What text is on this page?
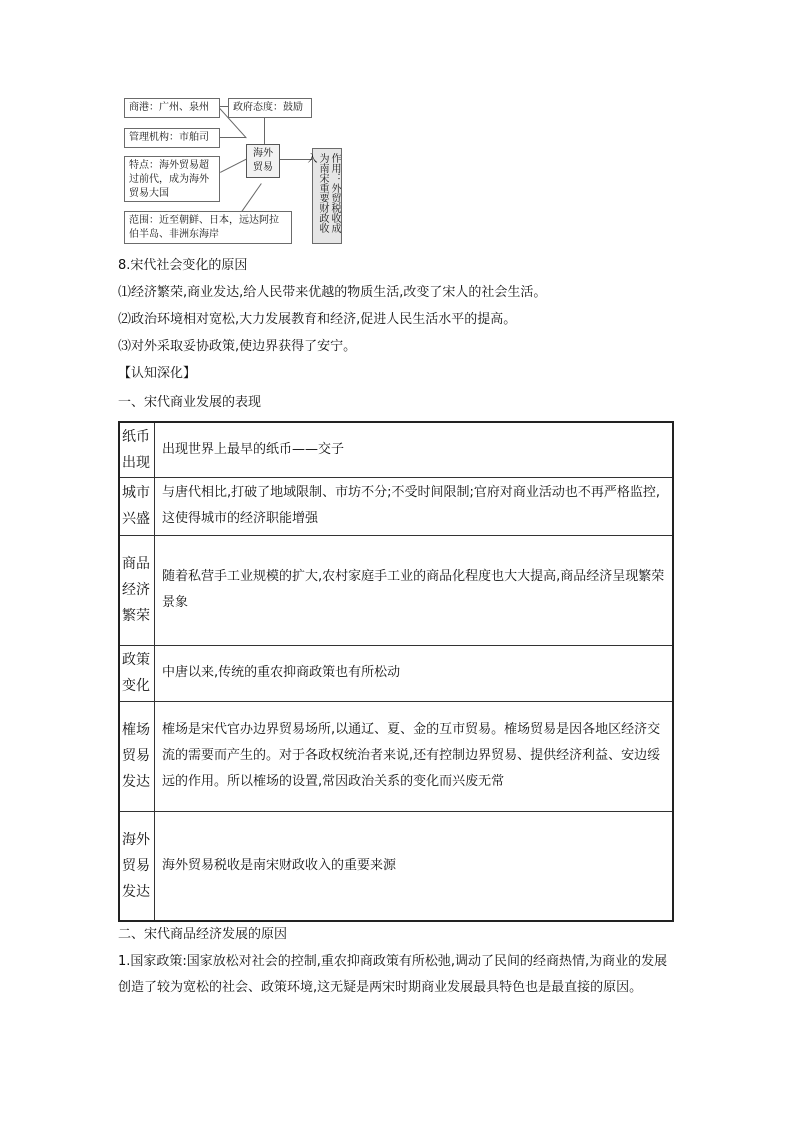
商港：广州、泉州	政府态度：鼓励
管理机构：市舶司
特点：海外贸易超过前代，成为海外贸易大国
海外贸易
范围：近至朝鲜、日本，远达阿拉伯半岛、非洲东海岸
作用：外贸税收成为南宋重要财政收入
8.宋代社会变化的原因
⑴经济繁荣,商业发达,给人民带来优越的物质生活,改变了宋人的社会生活。
⑵政治环境相对宽松,大力发展教育和经济,促进人民生活水平的提高。
⑶对外采取妥协政策,使边界获得了安宁。
【认知深化】
一、宋代商业发展的表现
纸币出现	出现世界上最早的纸币——交子
城市兴盛	与唐代相比,打破了地域限制、市坊不分;不受时间限制;官府对商业活动也不再严格监控,这使得城市的经济职能增强
商品经济繁荣	随着私营手工业规模的扩大,农村家庭手工业的商品化程度也大大提高,商品经济呈现繁荣景象
政策变化	中唐以来,传统的重农抑商政策也有所松动
榷场贸易发达	榷场是宋代官办边界贸易场所,以通辽、夏、金的互市贸易。榷场贸易是因各地区经济交流的需要而产生的。对于各政权统治者来说,还有控制边界贸易、提供经济利益、安边绥远的作用。所以榷场的设置,常因政治关系的变化而兴废无常
海外贸易发达	海外贸易税收是南宋财政收入的重要来源
二、宋代商品经济发展的原因
1.国家政策:国家放松对社会的控制,重农抑商政策有所松弛,调动了民间的经商热情,为商业的发展创造了较为宽松的社会、政策环境,这无疑是两宋时期商业发展最具特色也是最直接的原因。
